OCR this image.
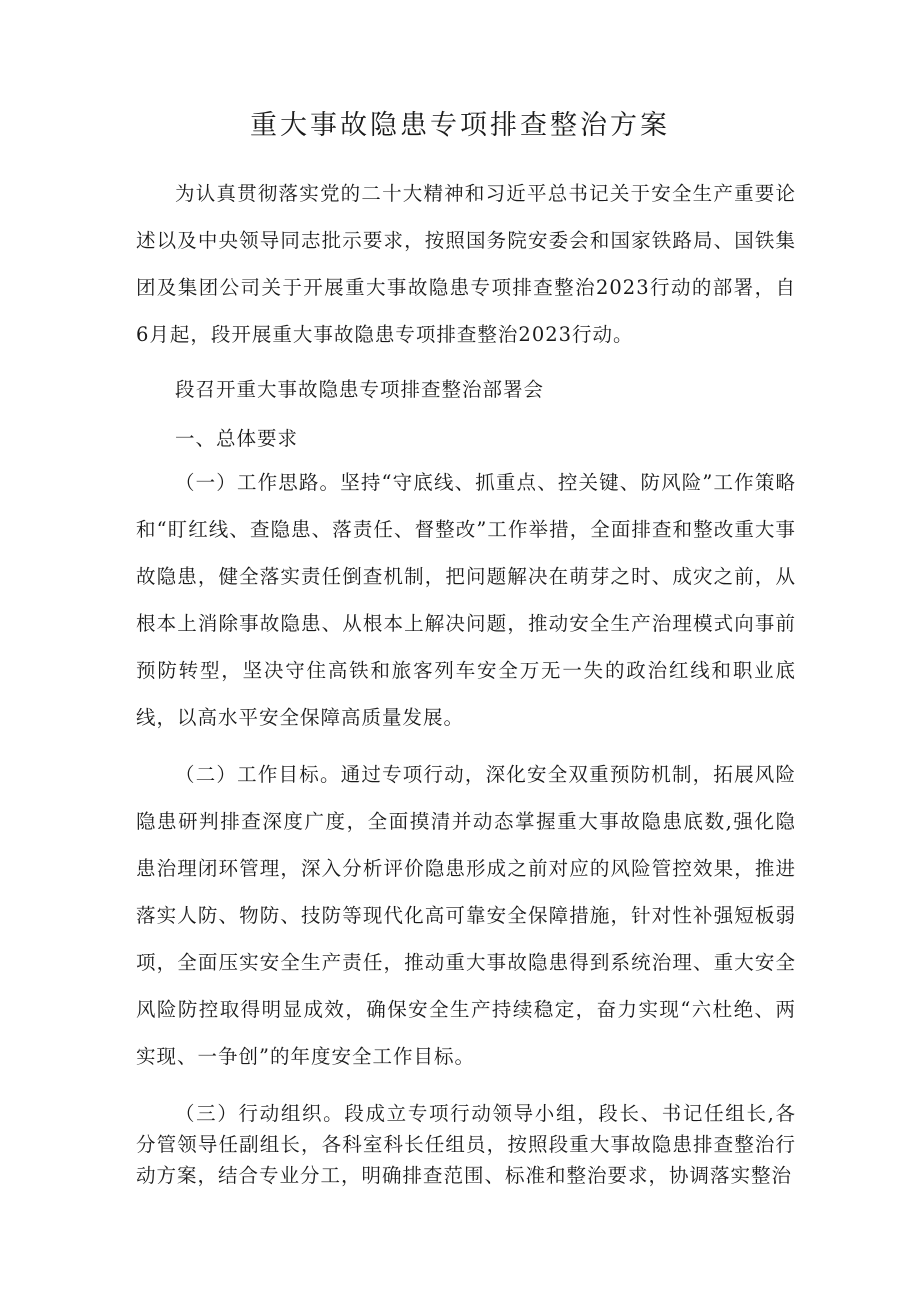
重大事故隐患专项排查整治方案

为认真贯彻落实党的二十大精神和习近平总书记关于安全生产重要论述以及中央领导同志批示要求，按照国务院安委会和国家铁路局、国铁集团及集团公司关于开展重大事故隐患专项排查整治2023行动的部署，自6月起，段开展重大事故隐患专项排查整治2023行动。

段召开重大事故隐患专项排查整治部署会

一、总体要求

（一）工作思路。坚持“守底线、抓重点、控关键、防风险”工作策略和“盯红线、查隐患、落责任、督整改”工作举措，全面排查和整改重大事故隐患，健全落实责任倒查机制，把问题解决在萌芽之时、成灾之前，从根本上消除事故隐患、从根本上解决问题，推动安全生产治理模式向事前预防转型，坚决守住高铁和旅客列车安全万无一失的政治红线和职业底线，以高水平安全保障高质量发展。

（二）工作目标。通过专项行动，深化安全双重预防机制，拓展风险隐患研判排查深度广度，全面摸清并动态掌握重大事故隐患底数,强化隐患治理闭环管理，深入分析评价隐患形成之前对应的风险管控效果，推进落实人防、物防、技防等现代化高可靠安全保障措施，针对性补强短板弱项，全面压实安全生产责任，推动重大事故隐患得到系统治理、重大安全风险防控取得明显成效，确保安全生产持续稳定，奋力实现“六杜绝、两实现、一争创”的年度安全工作目标。

（三）行动组织。段成立专项行动领导小组，段长、书记任组长,各分管领导任副组长，各科室科长任组员，按照段重大事故隐患排查整治行动方案，结合专业分工，明确排查范围、标准和整治要求，协调落实整治
